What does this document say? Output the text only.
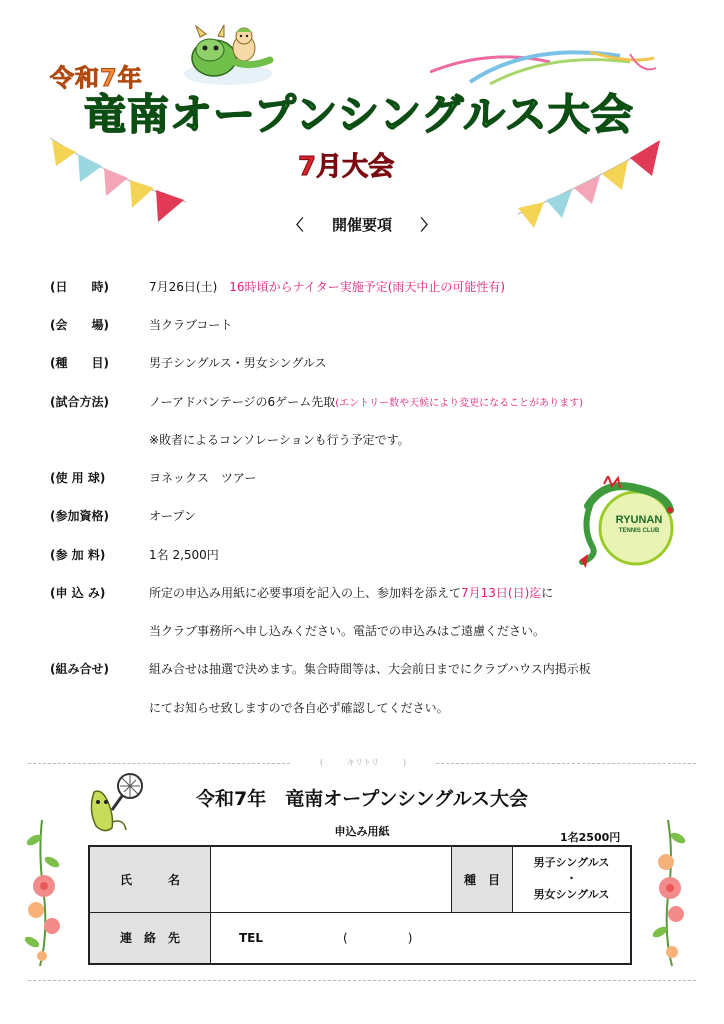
令和7年
竜南オープンシングルス大会
7月大会
〈 開催要項 〉
(日　　時)	7月26日(土)　 16時頃からナイター実施予定(雨天中止の可能性有)
(会　　場)	当クラブコート
(種　　目)	男子シングルス・男女シングルス
(試合方法)	ノーアドバンテージの6ゲーム先取(エントリー数や天候により変更になることがあります)
※敗者によるコンソレーションも行う予定です。
(使 用 球)	ヨネックス　ツアー
(参加資格)	オープン
(参 加 料)	1名 2,500円
(申 込 み)	所定の申込み用紙に必要事項を記入の上、参加料を添えて7月13日(日)迄に
当クラブ事務所へ申し込みください。電話での申込みはご遠慮ください。
(組み合せ)	組み合せは抽選で決めます。集合時間等は、大会前日までにクラブハウス内掲示板
にてお知らせ致しますので各自必ず確認してください。
RYUNAN
TENNIS CLUB
(　　　キリトリ　　　)
令和7年　竜南オープンシングルス大会
申込み用紙	1名2500円
氏　　　名		種　目	男子シングルス
・
男女シングルス

連　絡　先	TEL (　　　　　)		
